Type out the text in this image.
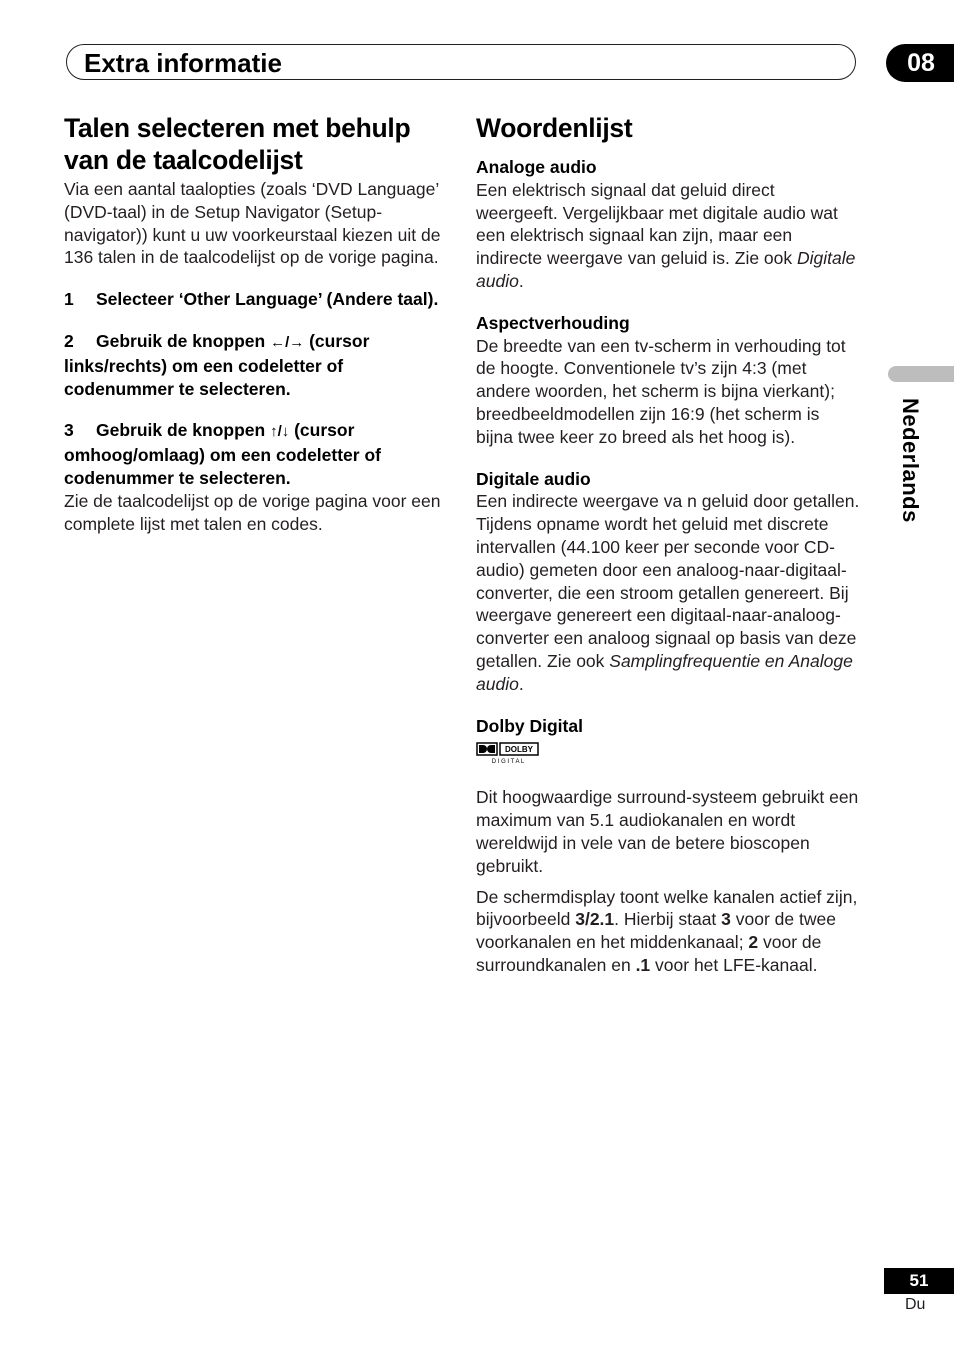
Extra informatie	08
Nederlands
Talen selecteren met behulp van de taalcodelijst

Via een aantal taalopties (zoals ‘DVD Language’ (DVD-taal) in de Setup Navigator (Setup-navigator)) kunt u uw voorkeurstaal kiezen uit de 136 talen in de taalcodelijst op de vorige pagina.

1 Selecteer ‘Other Language’ (Andere taal).

2 Gebruik de knoppen ←/→ (cursor links/rechts) om een codeletter of codenummer te selecteren.

3 Gebruik de knoppen ↑/↓ (cursor omhoog/omlaag) om een codeletter of codenummer te selecteren.

Zie de taalcodelijst op de vorige pagina voor een complete lijst met talen en codes.

Woordenlijst

Analoge audio

Een elektrisch signaal dat geluid direct weergeeft. Vergelijkbaar met digitale audio wat een elektrisch signaal kan zijn, maar een indirecte weergave van geluid is. Zie ook Digitale audio.

Aspectverhouding

De breedte van een tv-scherm in verhouding tot de hoogte. Conventionele tv’s zijn 4:3 (met andere woorden, het scherm is bijna vierkant); breedbeeldmodellen zijn 16:9 (het scherm is bijna twee keer zo breed als het hoog is).

Digitale audio

Een indirecte weergave va n geluid door getallen. Tijdens opname wordt het geluid met discrete intervallen (44.100 keer per seconde voor CD-audio) gemeten door een analoog-naar-digitaal-converter, die een stroom getallen genereert. Bij weergave genereert een digitaal-naar-analoog-converter een analoog signaal op basis van deze getallen. Zie ook Samplingfrequentie en Analoge audio.

Dolby Digital

DOLBY
D I G I T A L

Dit hoogwaardige surround-systeem gebruikt een maximum van 5.1 audiokanalen en wordt wereldwijd in vele van de betere bioscopen gebruikt.

De schermdisplay toont welke kanalen actief zijn, bijvoorbeeld 3/2.1. Hierbij staat 3 voor de twee voorkanalen en het middenkanaal; 2 voor de surroundkanalen en .1 voor het LFE-kanaal.

51
Du
